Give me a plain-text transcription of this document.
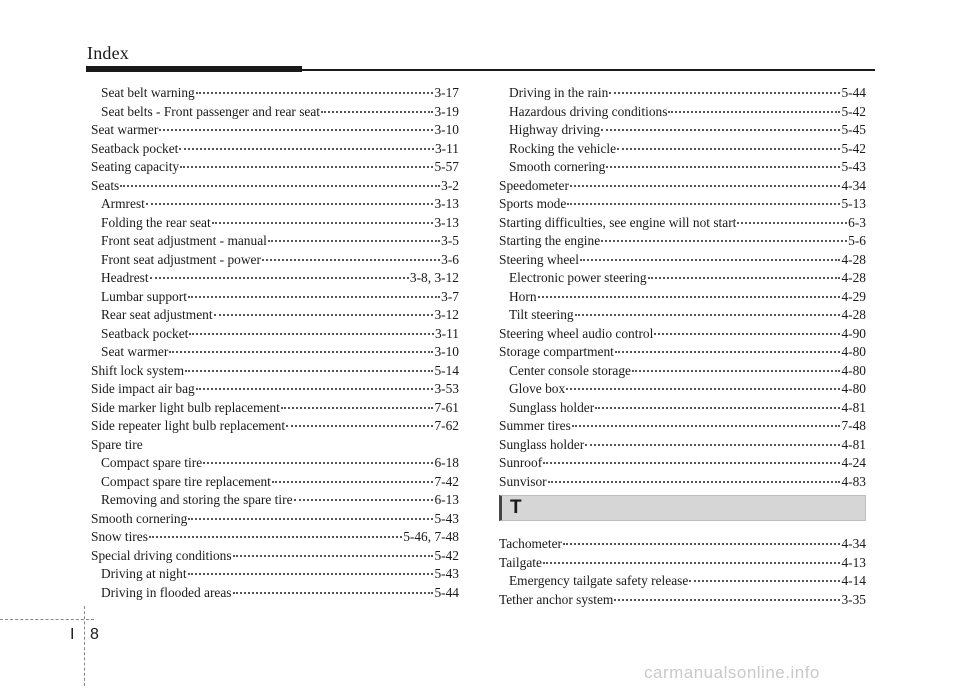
Index
Seat belt warning	3-17
Seat belts - Front passenger and rear seat	3-19
Seat warmer	3-10
Seatback pocket	3-11
Seating capacity	5-57
Seats	3-2
Armrest	3-13
Folding the rear seat	3-13
Front seat adjustment - manual	3-5
Front seat adjustment - power	3-6
Headrest	3-8, 3-12
Lumbar support	3-7
Rear seat adjustment	3-12
Seatback pocket	3-11
Seat warmer	3-10
Shift lock system	5-14
Side impact air bag	3-53
Side marker light bulb replacement	7-61
Side repeater light bulb replacement	7-62
Spare tire
Compact spare tire	6-18
Compact spare tire replacement	7-42
Removing and storing the spare tire	6-13
Smooth cornering	5-43
Snow tires	5-46, 7-48
Special driving conditions	5-42
Driving at night	5-43
Driving in flooded areas	5-44
Driving in the rain	5-44
Hazardous driving conditions	5-42
Highway driving	5-45
Rocking the vehicle	5-42
Smooth cornering	5-43
Speedometer	4-34
Sports mode	5-13
Starting difficulties, see engine will not start	6-3
Starting the engine	5-6
Steering wheel	4-28
Electronic power steering	4-28
Horn	4-29
Tilt steering	4-28
Steering wheel audio control	4-90
Storage compartment	4-80
Center console storage	4-80
Glove box	4-80
Sunglass holder	4-81
Summer tires	7-48
Sunglass holder	4-81
Sunroof	4-24
Sunvisor	4-83
T
Tachometer	4-34
Tailgate	4-13
Emergency tailgate safety release	4-14
Tether anchor system	3-35
I 8
carmanualsonline.info
